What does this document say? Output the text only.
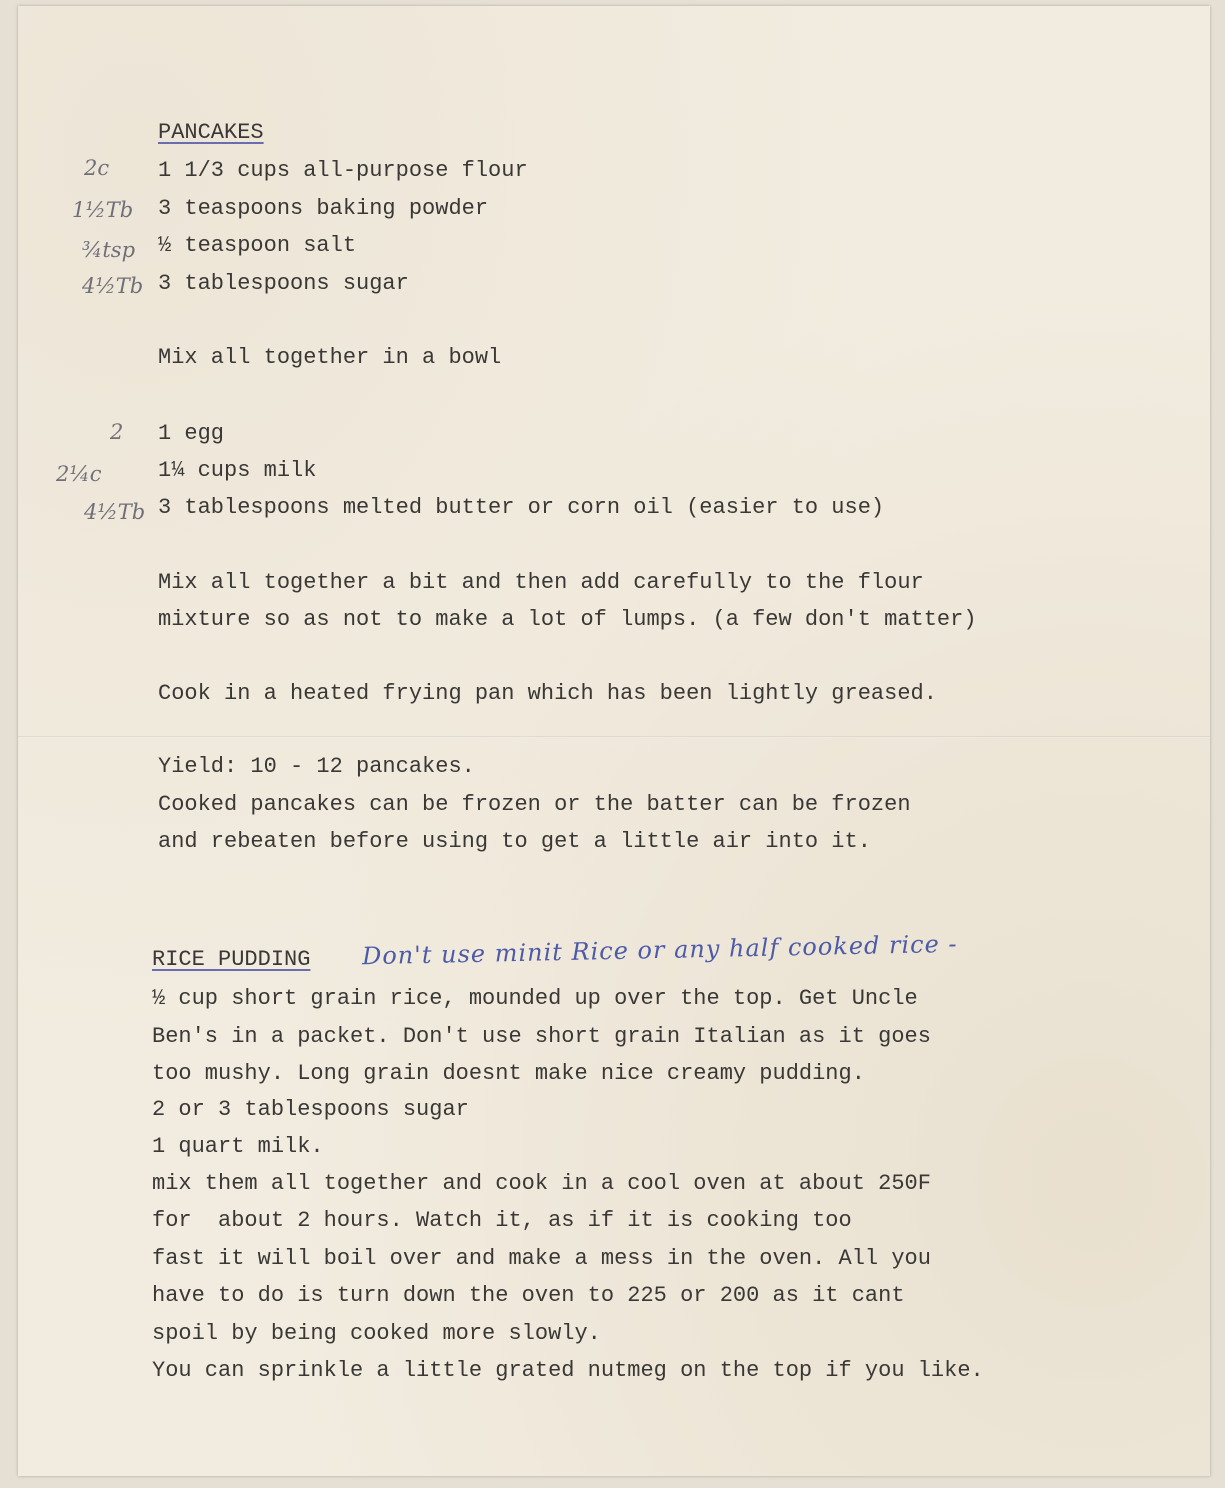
PANCAKES
2c 1 1/3 cups all-purpose flour
1½Tb 3 teaspoons baking powder
¾tsp ½ teaspoon salt
4½Tb 3 tablespoons sugar
Mix all together in a bowl
2 1 egg
2¼c	1¼ cups milk
4½Tb 3 tablespoons melted butter or corn oil (easier to use)
Mix all together a bit and then add carefully to the flour
mixture so as not to make a lot of lumps. (a few don't matter)
Cook in a heated frying pan which has been lightly greased.
Yield: 10 - 12 pancakes.
Cooked pancakes can be frozen or the batter can be frozen
and rebeaten before using to get a little air into it.
RICE PUDDING Don't use minit Rice or any half cooked rice -
½ cup short grain rice, mounded up over the top. Get Uncle
Ben's in a packet. Don't use short grain Italian as it goes
too mushy. Long grain doesnt make nice creamy pudding.
2 or 3 tablespoons sugar
1 quart milk.
mix them all together and cook in a cool oven at about 250F
for  about 2 hours. Watch it, as if it is cooking too
fast it will boil over and make a mess in the oven. All you
have to do is turn down the oven to 225 or 200 as it cant
spoil by being cooked more slowly.
You can sprinkle a little grated nutmeg on the top if you like.
